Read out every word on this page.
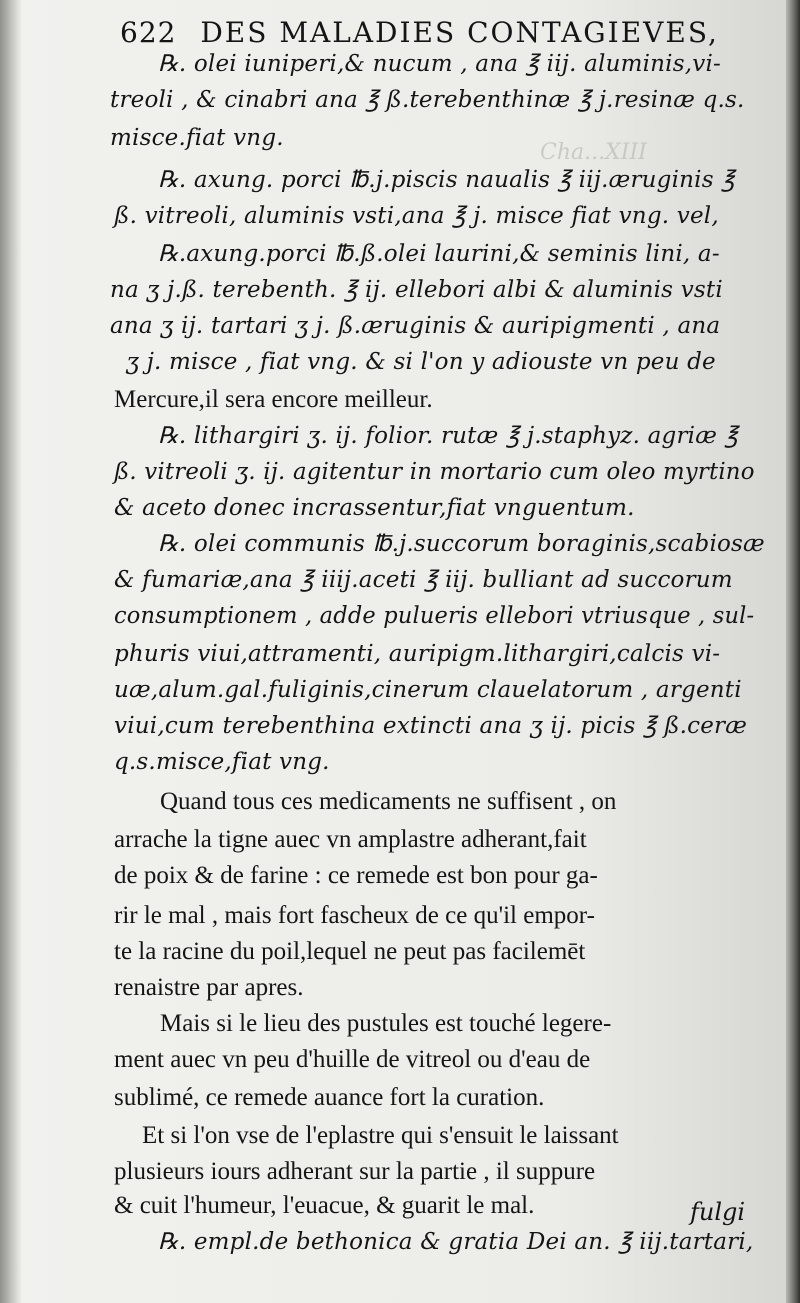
Cha...XIII
622 DES MALADIES CONTAGIEVES,
℞. olei iuniperi,& nucum , ana ℥ iij. aluminis,vi-
treoli , & cinabri ana ℥ ß.terebenthinæ ℥ j.resinæ q.s.
misce.fiat vng.
℞. axung. porci ℔.j.piscis naualis ℥ iij.æruginis ℥
ß. vitreoli, aluminis vsti,ana ℥ j. misce fiat vng. vel,
℞.axung.porci ℔.ß.olei laurini,& seminis lini, a-
na ʒ j.ß. terebenth. ℥ ij. ellebori albi & aluminis vsti
ana ʒ ij. tartari ʒ j. ß.æruginis & auripigmenti , ana
ʒ j. misce , fiat vng. & si l'on y adiouste vn peu de
Mercure,il sera encore meilleur.
℞. lithargiri ʒ. ij. folior. rutæ ℥ j.staphyz. agriæ ℥
ß. vitreoli ʒ. ij. agitentur in mortario cum oleo myrtino
& aceto donec incrassentur,fiat vnguentum.
℞. olei communis ℔.j.succorum boraginis,scabiosæ
& fumariæ,ana ℥ iiij.aceti ℥ iij. bulliant ad succorum
consumptionem , adde pulueris ellebori vtriusque , sul-
phuris viui,attramenti, auripigm.lithargiri,calcis vi-
uæ,alum.gal.fuliginis,cinerum clauelatorum , argenti
viui,cum terebenthina extincti ana ʒ ij. picis ℥ ß.ceræ
q.s.misce,fiat vng.
Quand tous ces medicaments ne suffisent , on
arrache la tigne auec vn amplastre adherant,fait
de poix & de farine : ce remede est bon pour ga-
rir le mal , mais fort fascheux de ce qu'il empor-
te la racine du poil,lequel ne peut pas facilemēt
renaistre par apres.
Mais si le lieu des pustules est touché legere-
ment auec vn peu d'huille de vitreol ou d'eau de
sublimé, ce remede auance fort la curation.
Et si l'on vse de l'eplastre qui s'ensuit le laissant
plusieurs iours adherant sur la partie , il suppure
& cuit l'humeur, l'euacue, & guarit le mal.
℞. empl.de bethonica & gratia Dei an. ℥ iij.tartari,
fulgi
